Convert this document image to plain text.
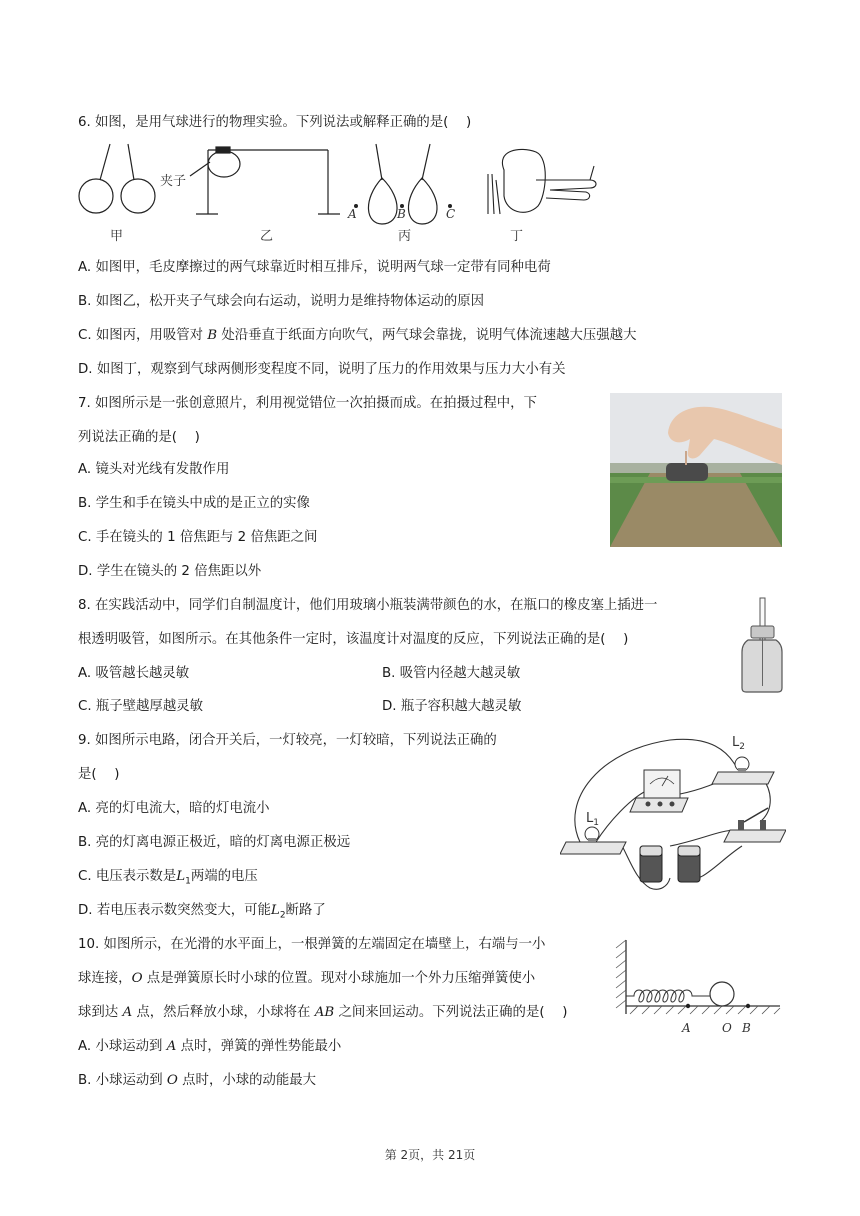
6. 如图，是用气球进行的物理实验。下列说法或解释正确的是(　 )
甲
夹子
乙
A	B	C
丙	丁
A. 如图甲，毛皮摩擦过的两气球靠近时相互排斥，说明两气球一定带有同种电荷
B. 如图乙，松开夹子气球会向右运动，说明力是维持物体运动的原因
C. 如图丙，用吸管对 B 处沿垂直于纸面方向吹气，两气球会靠拢，说明气体流速越大压强越大
D. 如图丁，观察到气球两侧形变程度不同，说明了压力的作用效果与压力大小有关
7. 如图所示是一张创意照片，利用视觉错位一次拍摄而成。在拍摄过程中，下
列说法正确的是(　 )
A. 镜头对光线有发散作用
B. 学生和手在镜头中成的是正立的实像
C. 手在镜头的 1 倍焦距与 2 倍焦距之间
D. 学生在镜头的 2 倍焦距以外
8. 在实践活动中，同学们自制温度计，他们用玻璃小瓶装满带颜色的水，在瓶口的橡皮塞上插进一
根透明吸管，如图所示。在其他条件一定时，该温度计对温度的反应，下列说法正确的是(　 )
A. 吸管越长越灵敏	B. 吸管内径越大越灵敏
C. 瓶子壁越厚越灵敏	D. 瓶子容积越大越灵敏
9. 如图所示电路，闭合开关后，一灯较亮，一灯较暗，下列说法正确的
是(　 )
$L_1$
$L_2$
A. 亮的灯电流大，暗的灯电流小
B. 亮的灯离电源正极近，暗的灯离电源正极远
C. 电压表示数是$L_1$两端的电压
D. 若电压表示数突然变大，可能$L_2$断路了
10. 如图所示，在光滑的水平面上，一根弹簧的左端固定在墙壁上，右端与一小
球连接，O 点是弹簧原长时小球的位置。现对小球施加一个外力压缩弹簧使小
球到达 A 点，然后释放小球，小球将在 AB 之间来回运动。下列说法正确的是(　 )
A	O B
A. 小球运动到 A 点时，弹簧的弹性势能最小
B. 小球运动到 O 点时，小球的动能最大
第 2页，共 21页
